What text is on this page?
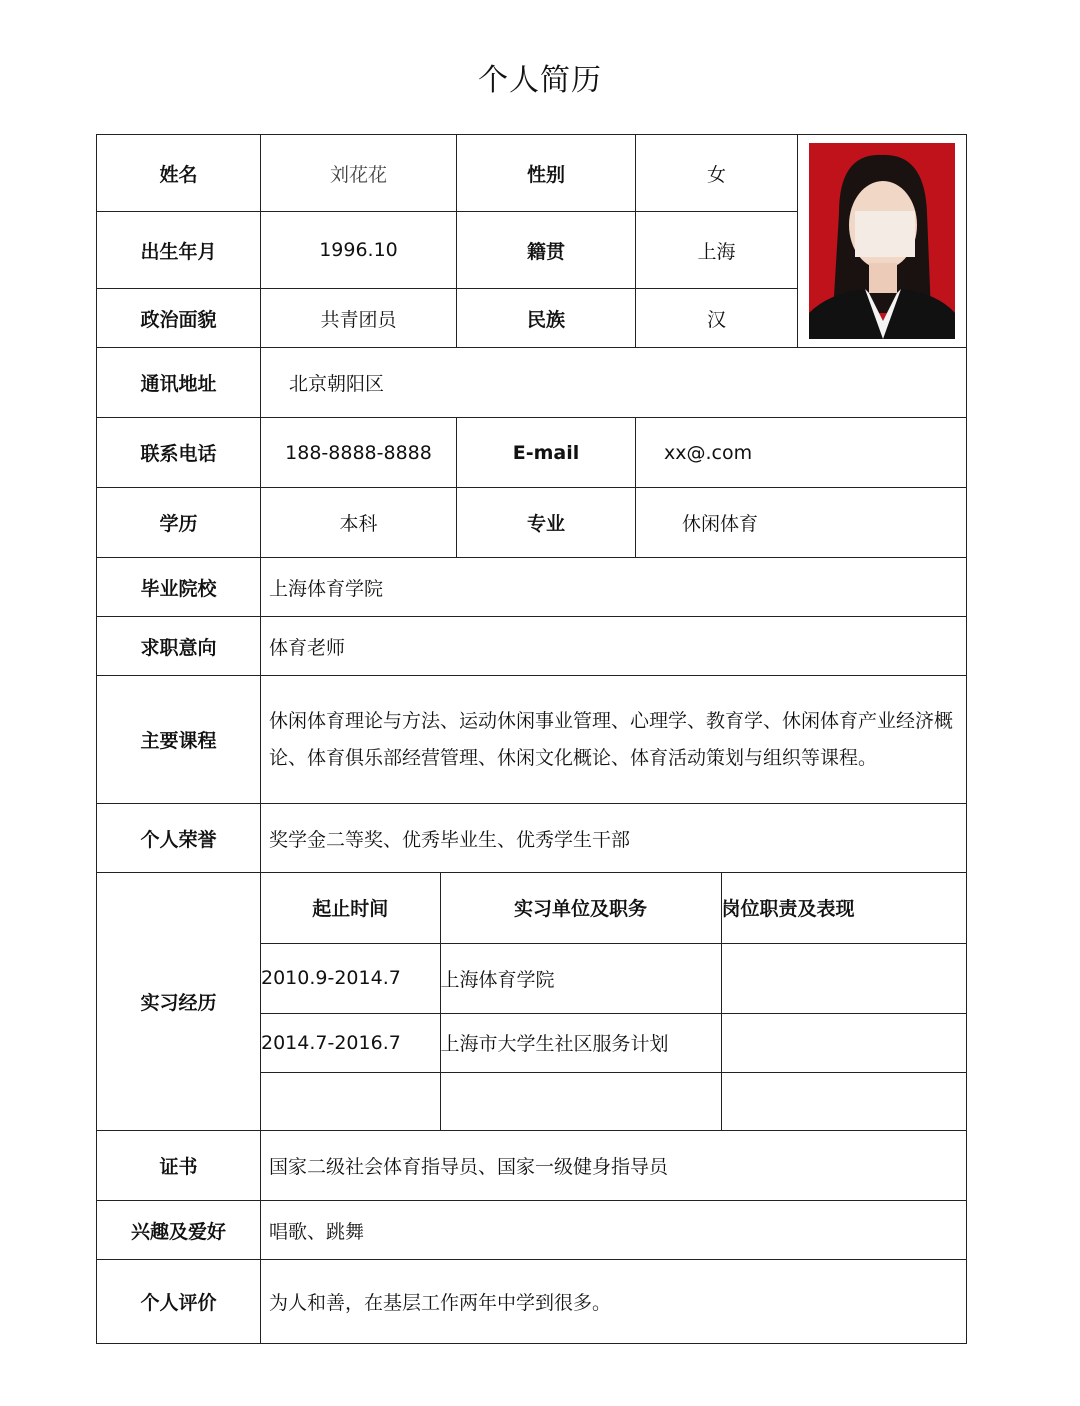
个人简历
姓名	刘花花	性别	女	

出生年月	1996.10	籍贯	上海
政治面貌	共青团员	民族	汉
通讯地址	北京朝阳区
联系电话	188-8888-8888	E-mail	xx@.com
学历	本科	专业	休闲体育
毕业院校	上海体育学院
求职意向	体育老师
主要课程	休闲体育理论与方法、运动休闲事业管理、心理学、教育学、休闲体育产业经济概论、体育俱乐部经营管理、休闲文化概论、体育活动策划与组织等课程。
个人荣誉	奖学金二等奖、优秀毕业生、优秀学生干部
实习经历	
起止时间	实习单位及职务	岗位职责及表现
2010.9-2014.7	上海体育学院	
2014.7-2016.7	上海市大学生社区服务计划	

证书	国家二级社会体育指导员、国家一级健身指导员
兴趣及爱好	唱歌、跳舞
个人评价	为人和善，在基层工作两年中学到很多。
